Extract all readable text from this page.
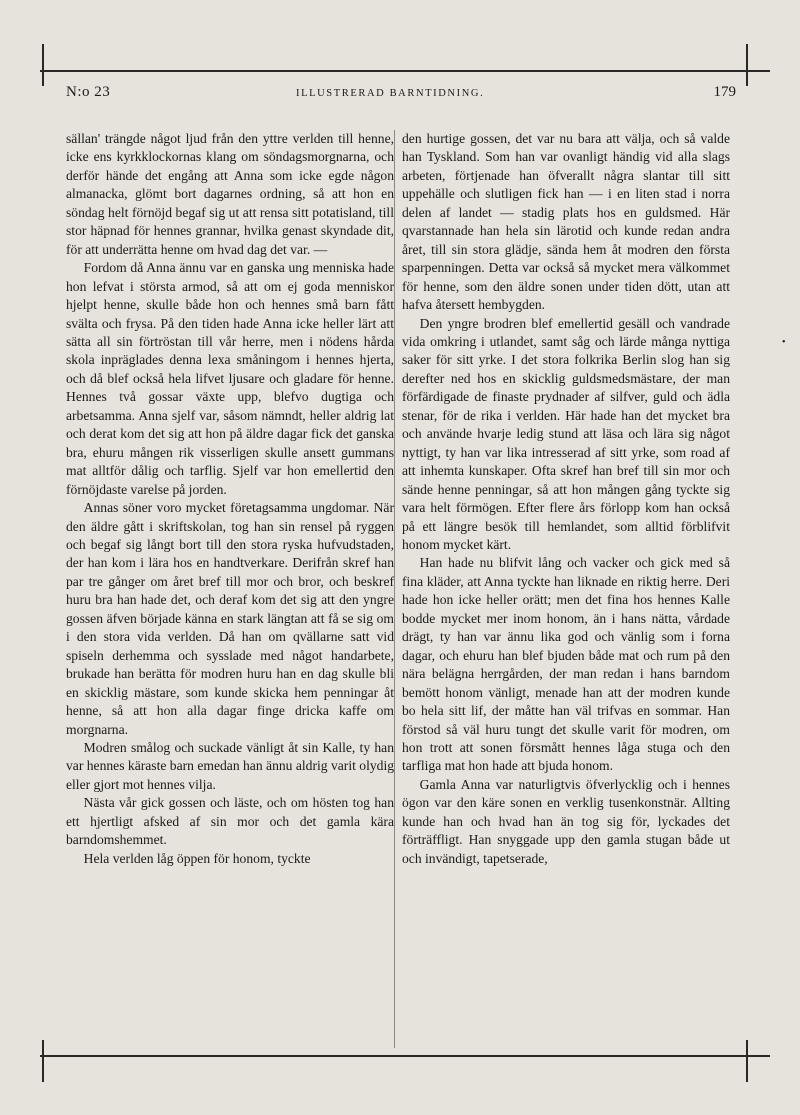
N:o 23	ILLUSTRERAD BARNTIDNING.	179

sällan' trängde något ljud från den yttre verlden till henne, icke ens kyrkklockornas klang om söndagsmorgnarna, och derför hände det engång att Anna som icke egde någon almanacka, glömt bort dagarnes ordning, så att hon en söndag helt förnöjd begaf sig ut att rensa sitt potatisland, till stor häpnad för hennes grannar, hvilka genast skyndade dit, för att underrätta henne om hvad dag det var. —

Fordom då Anna ännu var en ganska ung menniska hade hon lefvat i största armod, så att om ej goda menniskor hjelpt henne, skulle både hon och hennes små barn fått svälta och frysa. På den tiden hade Anna icke heller lärt att sätta all sin förtröstan till vår herre, men i nödens hårda skola inpräglades denna lexa småningom i hennes hjerta, och då blef också hela lifvet ljusare och gladare för henne. Hennes två gossar växte upp, blefvo dugtiga och arbetsamma. Anna sjelf var, såsom nämndt, heller aldrig lat och derat kom det sig att hon på äldre dagar fick det ganska bra, ehuru mången rik visserligen skulle ansett gummans mat alltför dålig och tarflig. Sjelf var hon emellertid den förnöjdaste varelse på jorden.

Annas söner voro mycket företagsamma ungdomar. När den äldre gått i skriftskolan, tog han sin rensel på ryggen och begaf sig långt bort till den stora ryska hufvudstaden, der han kom i lära hos en handtverkare. Derifrån skref han par tre gånger om året bref till mor och bror, och beskref huru bra han hade det, och deraf kom det sig att den yngre gossen äfven började känna en stark längtan att få se sig om i den stora vida verlden. Då han om qvällarne satt vid spiseln derhemma och sysslade med något handarbete, brukade han berätta för modren huru han en dag skulle bli en skicklig mästare, som kunde skicka hem penningar åt henne, så att hon alla dagar finge dricka kaffe om morgnarna.

Modren smålog och suckade vänligt åt sin Kalle, ty han var hennes käraste barn emedan han ännu aldrig varit olydig eller gjort mot hennes vilja.

Nästa vår gick gossen och läste, och om hösten tog han ett hjertligt afsked af sin mor och det gamla kära barndomshemmet.

Hela verlden låg öppen för honom, tyckte

den hurtige gossen, det var nu bara att välja, och så valde han Tyskland. Som han var ovanligt händig vid alla slags arbeten, förtjenade han öfverallt några slantar till sitt uppehälle och slutligen fick han — i en liten stad i norra delen af landet — stadig plats hos en guldsmed. Här qvarstannade han hela sin lärotid och kunde redan andra året, till sin stora glädje, sända hem åt modren den första sparpenningen. Detta var också så mycket mera välkommet för henne, som den äldre sonen under tiden dött, utan att hafva återsett hembygden.

Den yngre brodren blef emellertid gesäll och vandrade vida omkring i utlandet, samt såg och lärde många nyttiga saker för sitt yrke. I det stora folkrika Berlin slog han sig derefter ned hos en skicklig guldsmedsmästare, der man förfärdigade de finaste prydnader af silfver, guld och ädla stenar, för de rika i verlden. Här hade han det mycket bra och använde hvarje ledig stund att läsa och lära sig något nyttigt, ty han var lika intresserad af sitt yrke, som road af att inhemta kunskaper. Ofta skref han bref till sin mor och sände henne penningar, så att hon mången gång tyckte sig vara helt förmögen. Efter flere års förlopp kom han också på ett längre besök till hemlandet, som alltid förblifvit honom mycket kärt.

Han hade nu blifvit lång och vacker och gick med så fina kläder, att Anna tyckte han liknade en riktig herre. Deri hade hon icke heller orätt; men det fina hos hennes Kalle bodde mycket mer inom honom, än i hans nätta, vårdade drägt, ty han var ännu lika god och vänlig som i forna dagar, och ehuru han blef bjuden både mat och rum på den nära belägna herrgården, der man redan i hans barndom bemött honom vänligt, menade han att der modren kunde bo hela sitt lif, der måtte han väl trifvas en sommar. Han förstod så väl huru tungt det skulle varit för modren, om hon trott att sonen försmått hennes låga stuga och den tarfliga mat hon hade att bjuda honom.

Gamla Anna var naturligtvis öfverlycklig och i hennes ögon var den käre sonen en verklig tusenkonstnär. Allting kunde han och hvad han än tog sig för, lyckades det förträffligt. Han snyggade upp den gamla stugan både ut och invändigt, tapetserade,

•
